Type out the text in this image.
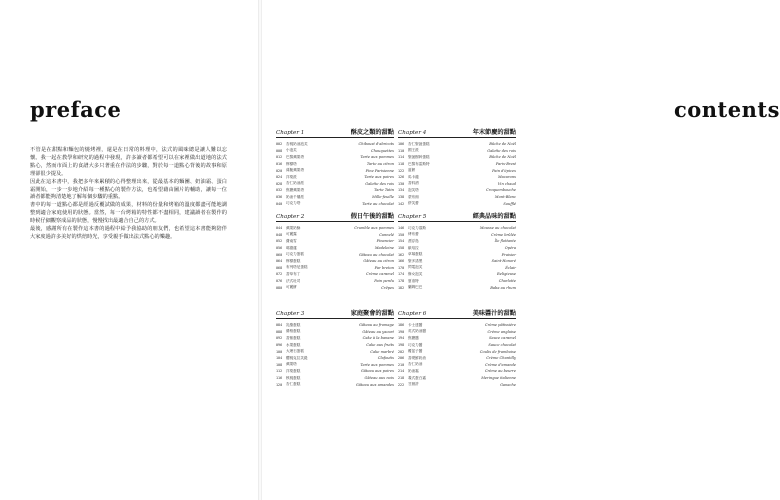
preface

不管是在甜點和麵包的燒烤裡，還是在日常的料理中，法式的風味總是讓人難以忘懷。我一起在教學和研究的過程中發現，許多讀者都希望可以在家裡做出道地的法式點心，然而市面上的食譜大多只著重在作法的步驟，對於每一道點心背後的故事和原理卻很少提及。

因此在這本書中，我把多年來累積的心得整理出來，從最基本的麵團、奶油霜、蛋白霜開始，一步一步地介紹每一種點心的製作方法，也希望藉由圖片的輔助，讓每一位讀者都能夠清楚地了解每個步驟的重點。

書中的每一道點心都是經過反覆試做的成果，材料的份量和烤箱的溫度都盡可能地調整到適合家庭使用的狀態。當然，每一台烤箱的特性都不盡相同，建議讀者在製作的時候仔細觀察成品的狀態，慢慢找出最適合自己的方式。

最後，感謝所有在製作這本書的過程中給予我協助的朋友們，也希望這本書能夠陪伴大家度過許多美好的烘焙時光，享受親手做出法式點心的樂趣。

contents
Chapter 1	酥皮之類的甜點
002	杏桃奶油泡芙	Chiboust d'abricots
008	小泡芙	Chouquettes
012	巴黎蘋果塔	Tarte aux pommes
016	檸檬塔	Tarte au citron
020	薄脆蘋果塔	Fine Parisienne
024	洋梨派	Tarte aux poires
028	杏仁奶油派	Galette des rois
032	焦糖蘋果塔	Tarte Tatin
036	奶油千層派	Mille-feuille
040	巧克力塔	Tarte au chocolat
Chapter 4	年末節慶的甜點
106	杏仁聖誕蛋糕	Bûche de Noël
110	國王派	Galette des rois
114	聖誕樹幹蛋糕	Bûche de Noël
118	巴黎布雷斯特	Paris-Brest
122	薑餅	Pain d'épices
126	馬卡龍	Macarons
130	香料酒	Vin chaud
134	泡芙塔	Croquembouche
138	蒙布朗	Mont-Blanc
142	舒芙蕾	Soufflé
Chapter 2	假日午後的甜點
044	蘋果奶酥	Crumble aux pommes
048	可麗露	Cannelé
052	費南雪	Financier
056	瑪德蓮	Madeleine
060	巧克力蛋糕	Gâteau au chocolat
064	檸檬蛋糕	Gâteau au citron
068	布列塔尼蛋糕	Far breton
072	香草布丁	Crème caramel
076	法式吐司	Pain perdu
080	可麗餅	Crêpes
Chapter 5	經典品味的甜點
146	巧克力慕斯	Mousse au chocolat
150	烤布蕾	Crème brûlée
154	漂浮島	Île flottante
158	歐培拉	Opéra
162	草莓蛋糕	Fraisier
166	聖多諾黑	Saint-Honoré
170	閃電泡芙	Éclair
174	修女泡芙	Religieuse
178	夏洛特	Charlotte
182	蘭姆巴巴	Baba au rhum
Chapter 3	家庭聚會的甜點
084	乳酪蛋糕	Gâteau au fromage
088	優格蛋糕	Gâteau au yaourt
092	香蕉蛋糕	Cake à la banane
096	水果蛋糕	Cake aux fruits
100	大理石蛋糕	Cake marbré
104	櫻桃克拉芙緹	Clafoutis
108	蘋果塔	Tarte aux pommes
112	洋梨蛋糕	Gâteau aux poires
116	核桃蛋糕	Gâteau aux noix
120	杏仁蛋糕	Gâteau aux amandes
Chapter 6	美味醬汁的甜點
186	卡士達醬	Crème pâtissière
190	英式奶油醬	Crème anglaise
194	焦糖醬	Sauce caramel
198	巧克力醬	Sauce chocolat
202	覆盆子醬	Coulis de framboise
206	香堤鮮奶油	Crème Chantilly
210	杏仁奶油	Crème d'amande
214	奶油霜	Crème au beurre
218	義式蛋白霜	Meringue italienne
222	甘納許	Ganache
